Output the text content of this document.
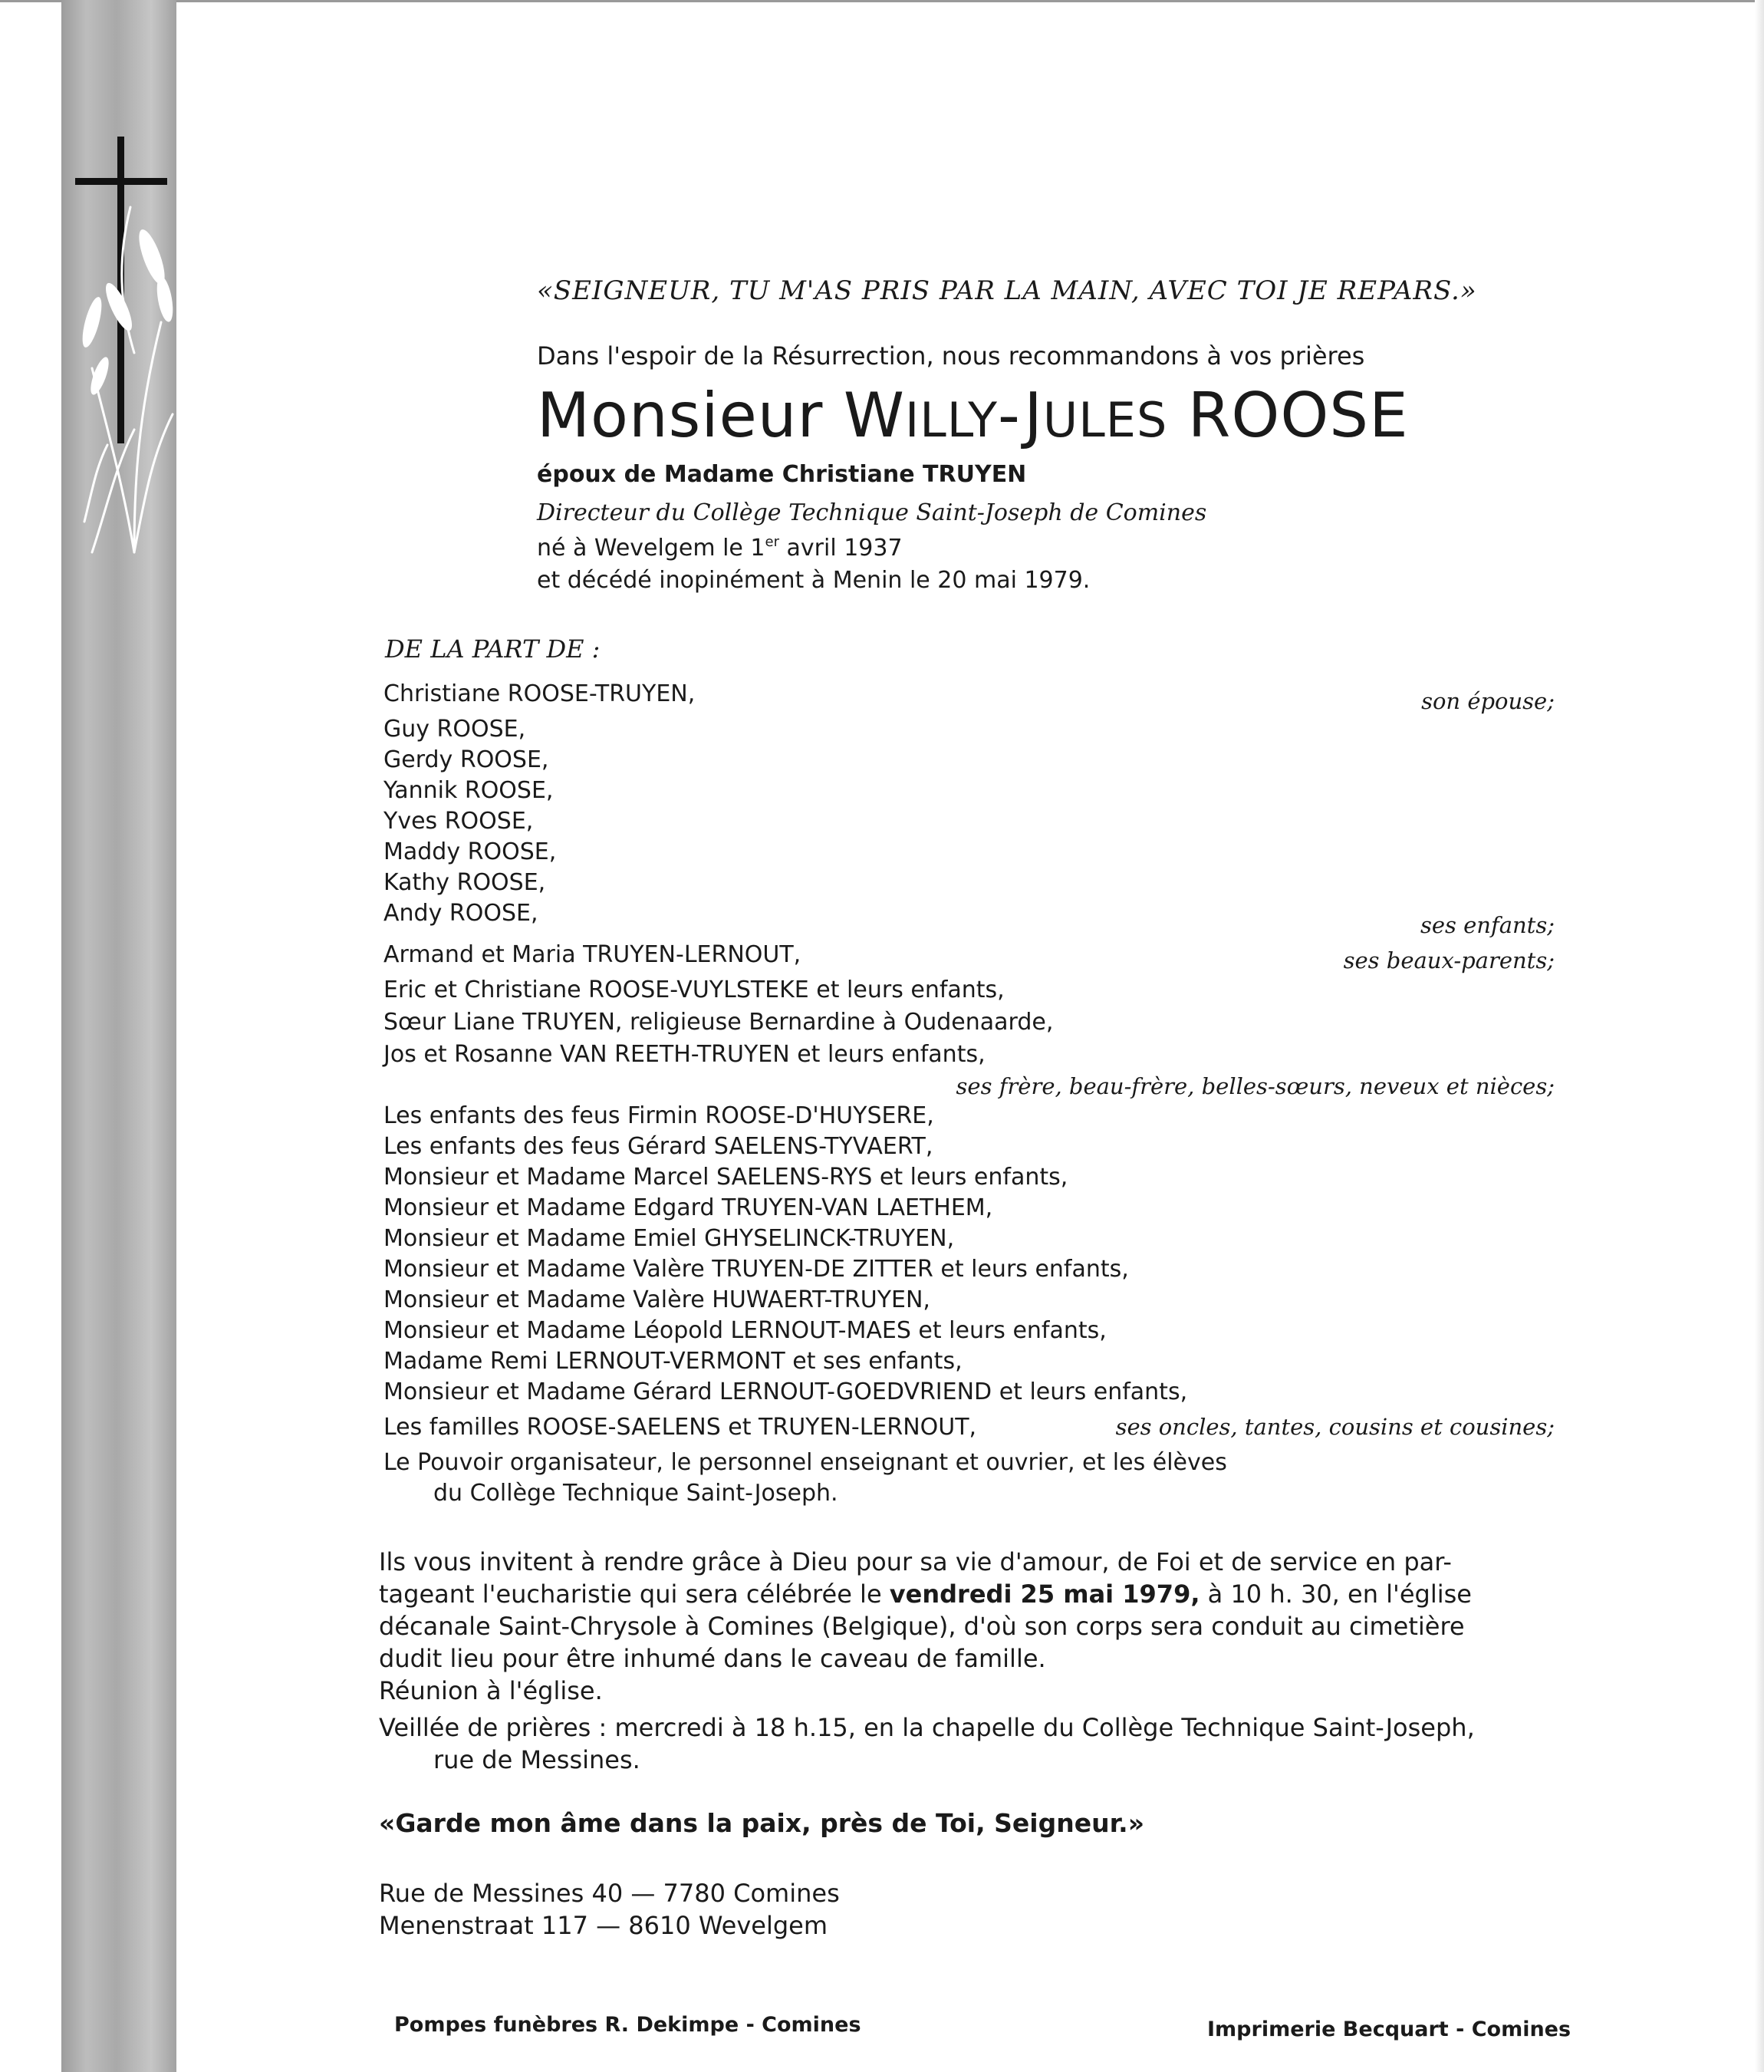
«SEIGNEUR, TU M'AS PRIS PAR LA MAIN, AVEC TOI JE REPARS.»
Dans l'espoir de la Résurrection, nous recommandons à vos prières
Monsieur WILLY-JULES ROOSE
époux de Madame Christiane TRUYEN
Directeur du Collège Technique Saint-Joseph de Comines
né à Wevelgem le 1er avril 1937
et décédé inopinément à Menin le 20 mai 1979.
DE LA PART DE :
Christiane ROOSE-TRUYEN,
Guy ROOSE,
Gerdy ROOSE,
Yannik ROOSE,
Yves ROOSE,
Maddy ROOSE,
Kathy ROOSE,
Andy ROOSE,
Armand et Maria TRUYEN-LERNOUT,
Eric et Christiane ROOSE-VUYLSTEKE et leurs enfants,
Sœur Liane TRUYEN, religieuse Bernardine à Oudenaarde,
Jos et Rosanne VAN REETH-TRUYEN et leurs enfants,
Les enfants des feus Firmin ROOSE-D'HUYSERE,
Les enfants des feus Gérard SAELENS-TYVAERT,
Monsieur et Madame Marcel SAELENS-RYS et leurs enfants,
Monsieur et Madame Edgard TRUYEN-VAN LAETHEM,
Monsieur et Madame Emiel GHYSELINCK-TRUYEN,
Monsieur et Madame Valère TRUYEN-DE ZITTER et leurs enfants,
Monsieur et Madame Valère HUWAERT-TRUYEN,
Monsieur et Madame Léopold LERNOUT-MAES et leurs enfants,
Madame Remi LERNOUT-VERMONT et ses enfants,
Monsieur et Madame Gérard LERNOUT-GOEDVRIEND et leurs enfants,
Les familles ROOSE-SAELENS et TRUYEN-LERNOUT,
Le Pouvoir organisateur, le personnel enseignant et ouvrier, et les élèves
du Collège Technique Saint-Joseph.
son épouse;
ses enfants;
ses beaux-parents;
ses frère, beau-frère, belles-sœurs, neveux et nièces;
ses oncles, tantes, cousins et cousines;
Ils vous invitent à rendre grâce à Dieu pour sa vie d'amour, de Foi et de service en par-
tageant l'eucharistie qui sera célébrée le vendredi 25 mai 1979, à 10 h. 30, en l'église
décanale Saint-Chrysole à Comines (Belgique), d'où son corps sera conduit au cimetière
dudit lieu pour être inhumé dans le caveau de famille.
Réunion à l'église.
Veillée de prières : mercredi à 18 h.15, en la chapelle du Collège Technique Saint-Joseph,
rue de Messines.
«Garde mon âme dans la paix, près de Toi, Seigneur.»
Rue de Messines 40 — 7780 Comines
Menenstraat 117 — 8610 Wevelgem
Pompes funèbres R. Dekimpe - Comines	Imprimerie Becquart - Comines
